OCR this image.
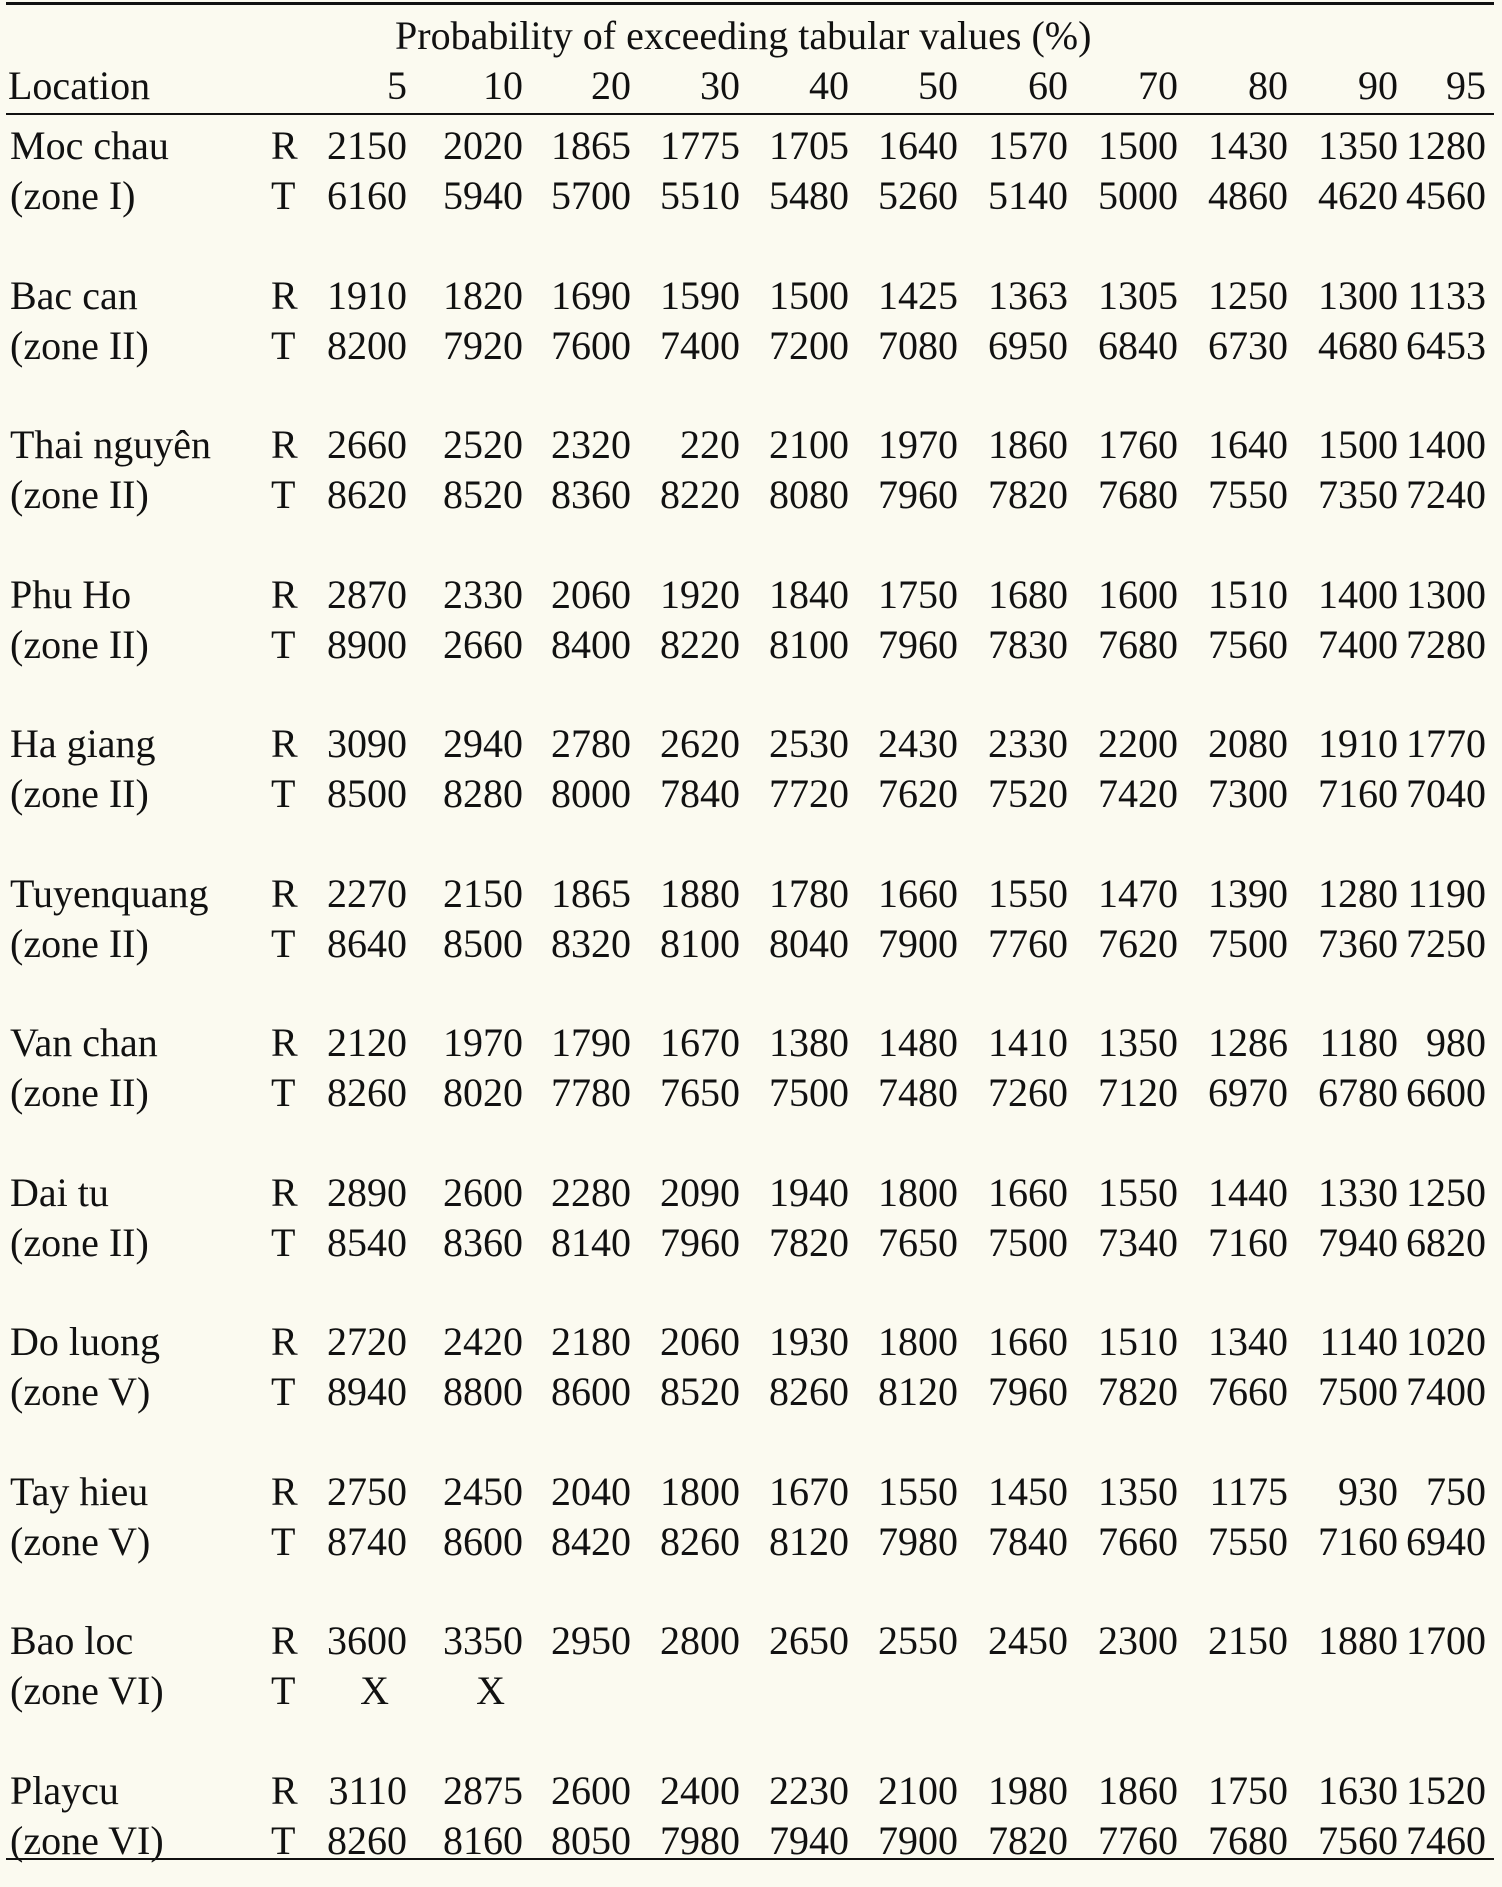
Probability of exceeding tabular values (%)
Location	5	10	20	30	40	50	60	70	80	90	95
Moc chau
(zone I)
R 2150 2020 1865 1775 1705 1640 1570 1500 1430 1350 1280
T 6160 5940 5700 5510 5480 5260 5140 5000 4860 4620 4560
Bac can
(zone II)
R 1910 1820 1690 1590 1500 1425 1363 1305 1250 1300 1133
T 8200 7920 7600 7400 7200 7080 6950 6840 6730 4680 6453
Thai nguyên
(zone II)
R 2660 2520 2320	220 2100 1970 1860 1760 1640 1500 1400
T 8620 8520 8360 8220 8080 7960 7820 7680 7550 7350 7240
Phu Ho
(zone II)
R 2870 2330 2060 1920 1840 1750 1680 1600 1510 1400 1300
T 8900 2660 8400 8220 8100 7960 7830 7680 7560 7400 7280
Ha giang
(zone II)
R 3090 2940 2780 2620 2530 2430 2330 2200 2080 1910 1770
T 8500 8280 8000 7840 7720 7620 7520 7420 7300 7160 7040
Tuyenquang
(zone II)
R 2270 2150 1865 1880 1780 1660 1550 1470 1390 1280 1190
T 8640 8500 8320 8100 8040 7900 7760 7620 7500 7360 7250
Van chan
(zone II)
R 2120 1970 1790 1670 1380 1480 1410 1350 1286 1180 980
T 8260 8020 7780 7650 7500 7480 7260 7120 6970 6780 6600
Dai tu
(zone II)
R 2890 2600 2280 2090 1940 1800 1660 1550 1440 1330 1250
T 8540 8360 8140 7960 7820 7650 7500 7340 7160 7940 6820
Do luong
(zone V)
R 2720 2420 2180 2060 1930 1800 1660 1510 1340 1140 1020
T 8940 8800 8600 8520 8260 8120 7960 7820 7660 7500 7400
Tay hieu
(zone V)
R 2750 2450 2040 1800 1670 1550 1450 1350 1175	930 750
T 8740 8600 8420 8260 8120 7980 7840 7660 7550 7160 6940
Bao loc
(zone VI)
R 3600 3350 2950 2800 2650 2550 2450 2300 2150 1880 1700
T	X	X
Playcu
(zone VI)
R 3110 2875 2600 2400 2230 2100 1980 1860 1750 1630 1520
T 8260 8160 8050 7980 7940 7900 7820 7760 7680 7560 7460
